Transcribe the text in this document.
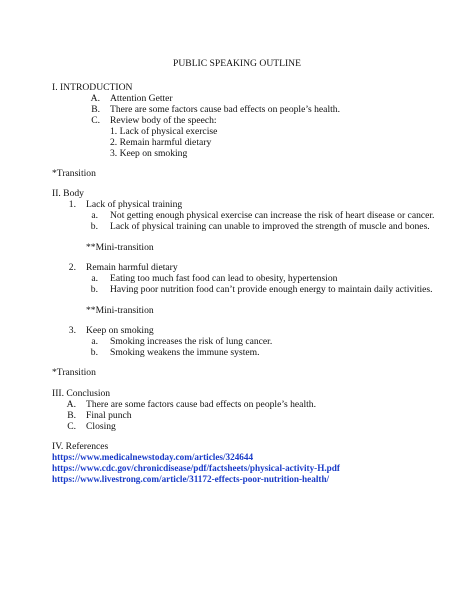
PUBLIC SPEAKING OUTLINE
I. INTRODUCTION
A. Attention Getter
B. There are some factors cause bad effects on people’s health.
C. Review body of the speech:
1. Lack of physical exercise
2. Remain harmful dietary
3. Keep on smoking
*Transition
II. Body
1. Lack of physical training
a. Not getting enough physical exercise can increase the risk of heart disease or cancer.
b. Lack of physical training can unable to improved the strength of muscle and bones.
**Mini-transition
2. Remain harmful dietary
a. Eating too much fast food can lead to obesity, hypertension
b. Having poor nutrition food can’t provide enough energy to maintain daily activities.
**Mini-transition
3. Keep on smoking
a. Smoking increases the risk of lung cancer.
b. Smoking weakens the immune system.
*Transition
III. Conclusion
A. There are some factors cause bad effects on people’s health.
B. Final punch
C. Closing
IV. References
https://www.medicalnewstoday.com/articles/324644
https://www.cdc.gov/chronicdisease/pdf/factsheets/physical-activity-H.pdf
https://www.livestrong.com/article/31172-effects-poor-nutrition-health/
